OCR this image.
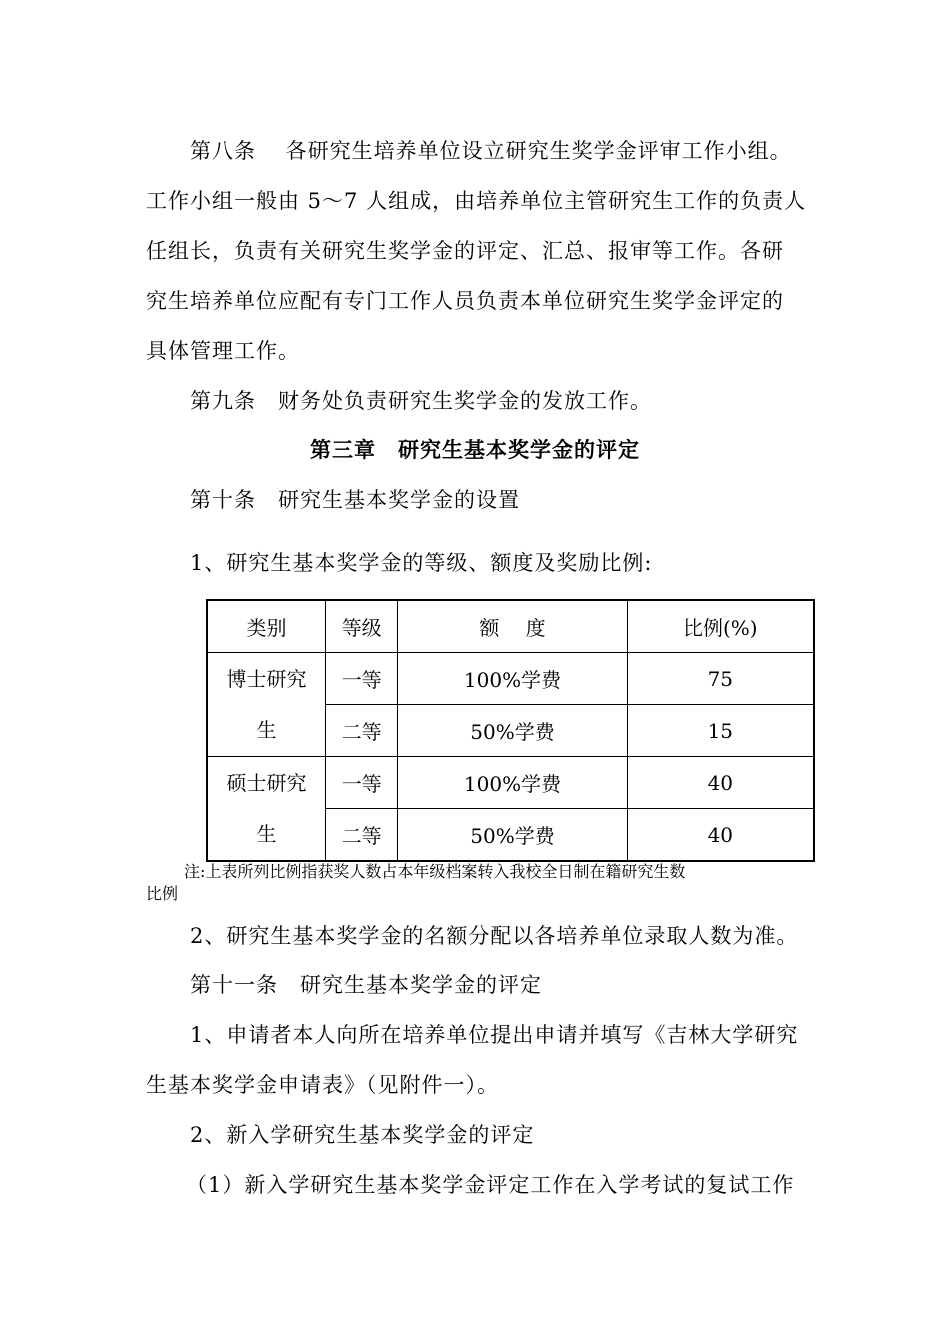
第八条　 各研究生培养单位设立研究生奖学金评审工作小组。
工作小组一般由 5～7 人组成，由培养单位主管研究生工作的负责人
任组长，负责有关研究生奖学金的评定、汇总、报审等工作。各研
究生培养单位应配有专门工作人员负责本单位研究生奖学金评定的
具体管理工作。
第九条　财务处负责研究生奖学金的发放工作。
第三章　研究生基本奖学金的评定
第十条　研究生基本奖学金的设置
1、研究生基本奖学金的等级、额度及奖励比例:
类别	等级	额　 度	比例(%)

博士研究
生	一等	100%学费	75
	二等	50%学费	15

硕士研究
生	一等	100%学费	40
	二等	50%学费	40
注:上表所列比例指获奖人数占本年级档案转入我校全日制在籍研究生数
比例
2、研究生基本奖学金的名额分配以各培养单位录取人数为准。
第十一条　研究生基本奖学金的评定
1、申请者本人向所在培养单位提出申请并填写《吉林大学研究
生基本奖学金申请表》（见附件一）。
2、新入学研究生基本奖学金的评定
（1）新入学研究生基本奖学金评定工作在入学考试的复试工作
